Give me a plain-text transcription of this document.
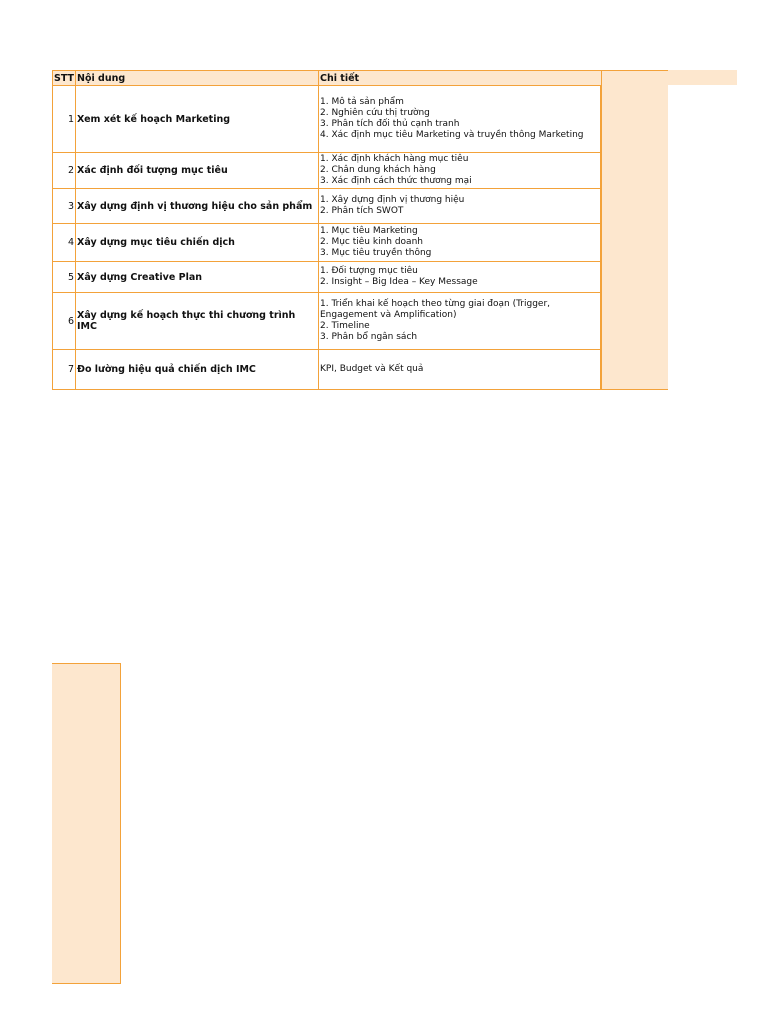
STT	Nội dung	Chi tiết
1	Xem xét kế hoạch Marketing	1. Mô tả sản phẩm
2. Nghiên cứu thị trường
3. Phân tích đối thủ cạnh tranh
4. Xác định mục tiêu Marketing và truyền thông Marketing
2	Xác định đối tượng mục tiêu	1. Xác định khách hàng mục tiêu
2. Chân dung khách hàng
3. Xác định cách thức thương mại
3	Xây dựng định vị thương hiệu cho sản phẩm	1. Xây dựng định vị thương hiệu
2. Phân tích SWOT
4	Xây dựng mục tiêu chiến dịch	1. Mục tiêu Marketing
2. Mục tiêu kinh doanh
3. Mục tiêu truyền thông
5	Xây dựng Creative Plan	1. Đối tượng mục tiêu
2. Insight – Big Idea – Key Message
6	Xây dựng kế hoạch thực thi chương trình IMC	1. Triển khai kế hoạch theo từng giai đoạn (Trigger, Engagement và Amplification)
2. Timeline
3. Phân bổ ngân sách
7	Đo lường hiệu quả chiến dịch IMC	KPI, Budget và Kết quả
